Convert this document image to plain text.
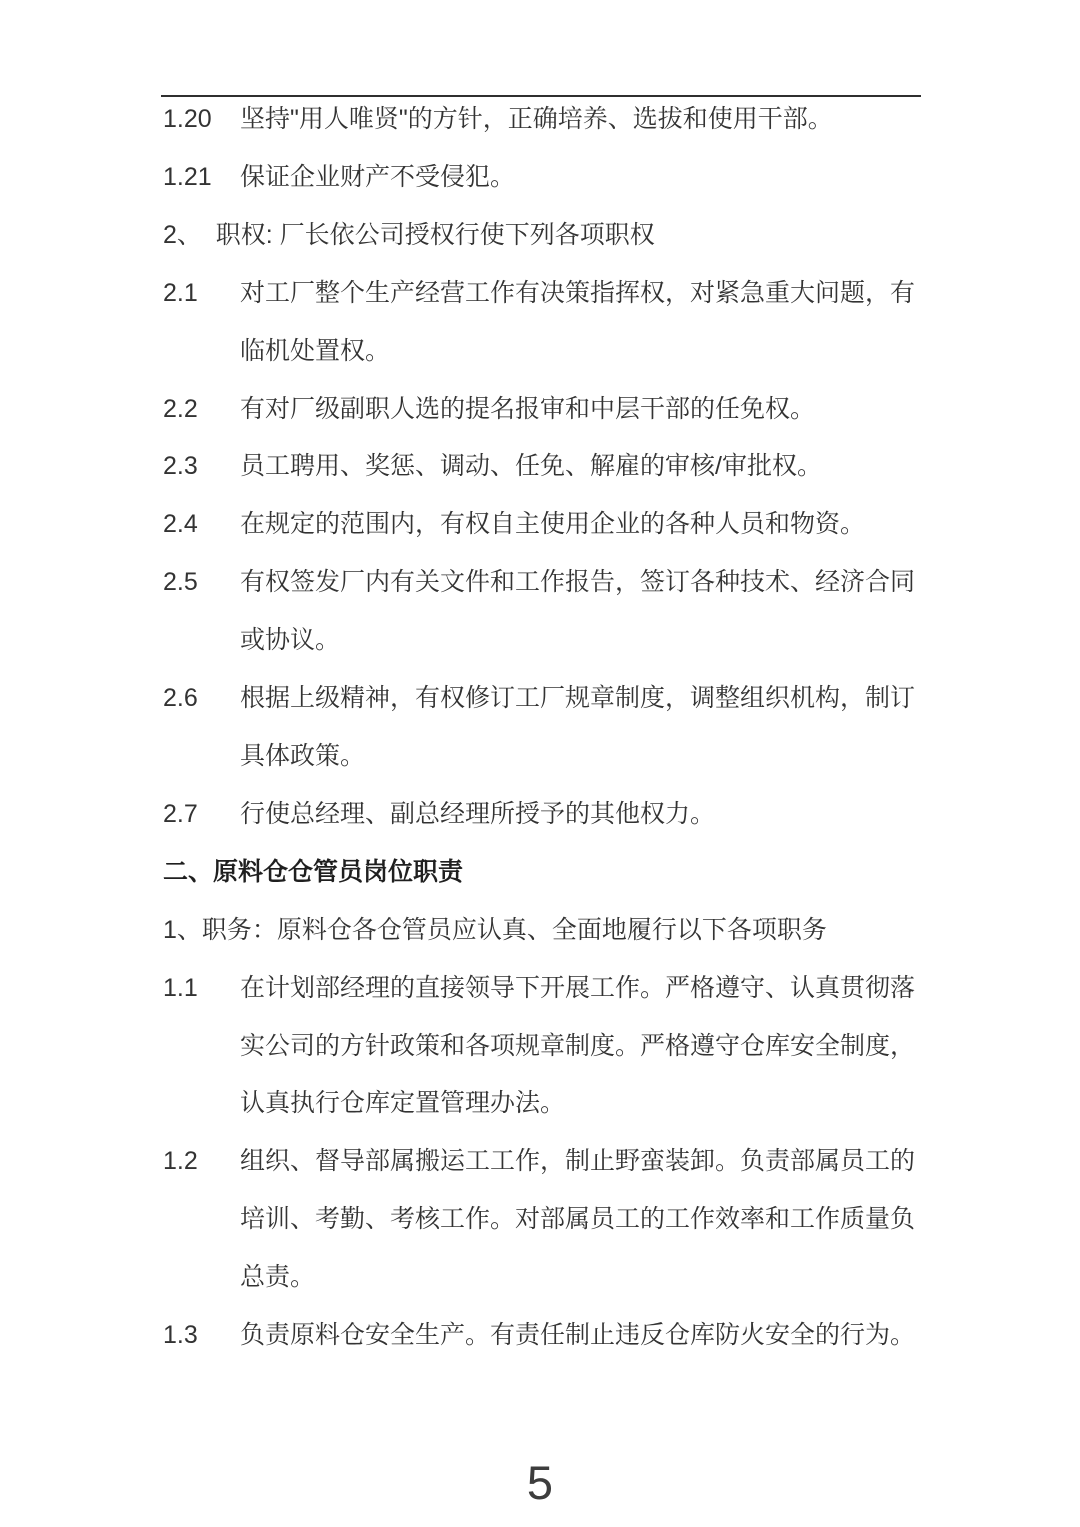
1.20 坚持"用人唯贤"的方针，正确培养、选拔和使用干部。
1.21 保证企业财产不受侵犯。
2、  职权: 厂长依公司授权行使下列各项职权
2.1 对工厂整个生产经营工作有决策指挥权，对紧急重大问题，有临机处置权。
2.2 有对厂级副职人选的提名报审和中层干部的任免权。
2.3 员工聘用、奖惩、调动、任免、解雇的审核/审批权。
2.4 在规定的范围内，有权自主使用企业的各种人员和物资。
2.5 有权签发厂内有关文件和工作报告，签订各种技术、经济合同或协议。
2.6 根据上级精神，有权修订工厂规章制度，调整组织机构，制订具体政策。
2.7 行使总经理、副总经理所授予的其他权力。
二、原料仓仓管员岗位职责
1、职务：原料仓各仓管员应认真、全面地履行以下各项职务
1.1 在计划部经理的直接领导下开展工作。严格遵守、认真贯彻落实公司的方针政策和各项规章制度。严格遵守仓库安全制度，认真执行仓库定置管理办法。
1.2 组织、督导部属搬运工工作，制止野蛮装卸。负责部属员工的培训、考勤、考核工作。对部属员工的工作效率和工作质量负总责。
1.3 负责原料仓安全生产。有责任制止违反仓库防火安全的行为。
5
